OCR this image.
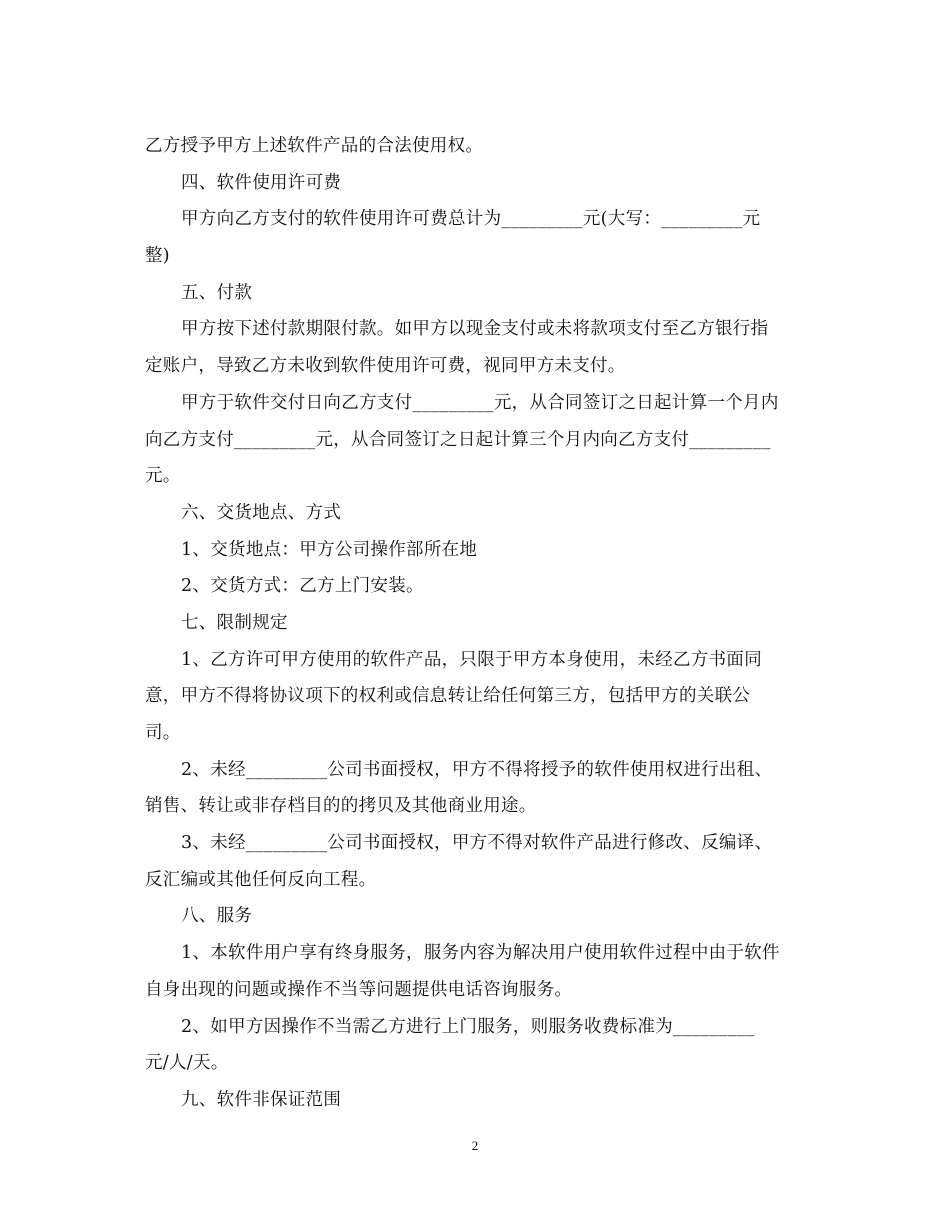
乙方授予甲方上述软件产品的合法使用权。
四、软件使用许可费
甲方向乙方支付的软件使用许可费总计为_________元(大写：_________元
整)
五、付款
甲方按下述付款期限付款。如甲方以现金支付或未将款项支付至乙方银行指
定账户，导致乙方未收到软件使用许可费，视同甲方未支付。
甲方于软件交付日向乙方支付_________元，从合同签订之日起计算一个月内
向乙方支付_________元，从合同签订之日起计算三个月内向乙方支付_________
元。
六、交货地点、方式
1、交货地点：甲方公司操作部所在地
2、交货方式：乙方上门安装。
七、限制规定
1、乙方许可甲方使用的软件产品，只限于甲方本身使用，未经乙方书面同
意，甲方不得将协议项下的权利或信息转让给任何第三方，包括甲方的关联公
司。
2、未经_________公司书面授权，甲方不得将授予的软件使用权进行出租、
销售、转让或非存档目的的拷贝及其他商业用途。
3、未经_________公司书面授权，甲方不得对软件产品进行修改、反编译、
反汇编或其他任何反向工程。
八、服务
1、本软件用户享有终身服务，服务内容为解决用户使用软件过程中由于软件
自身出现的问题或操作不当等问题提供电话咨询服务。
2、如甲方因操作不当需乙方进行上门服务，则服务收费标准为_________
元/人/天。
九、软件非保证范围
2
